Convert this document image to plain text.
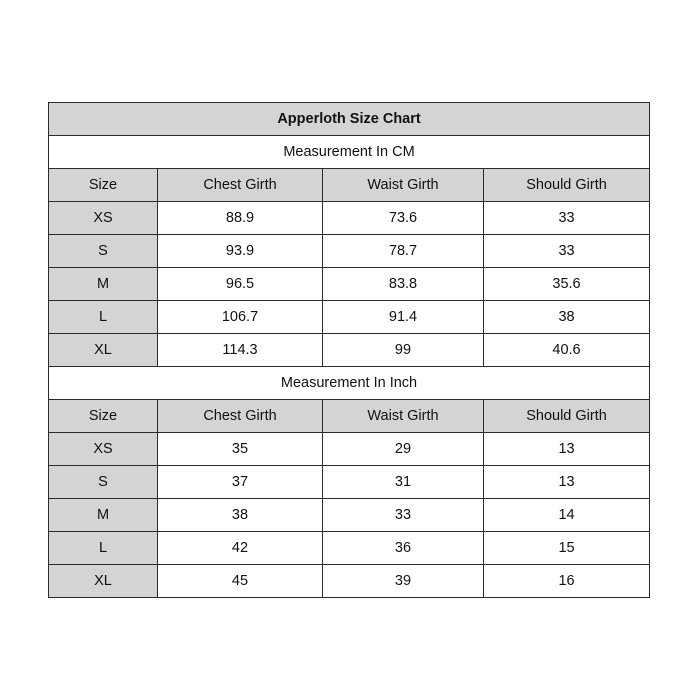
Apperloth Size Chart			
Measurement In CM			
Size	Chest Girth	Waist Girth	Should Girth
XS	88.9	73.6	33
S	93.9	78.7	33
M	96.5	83.8	35.6
L	106.7	91.4	38
XL	114.3	99	40.6
Measurement In Inch			
Size	Chest Girth	Waist Girth	Should Girth
XS	35	29	13
S	37	31	13
M	38	33	14
L	42	36	15
XL	45	39	16
